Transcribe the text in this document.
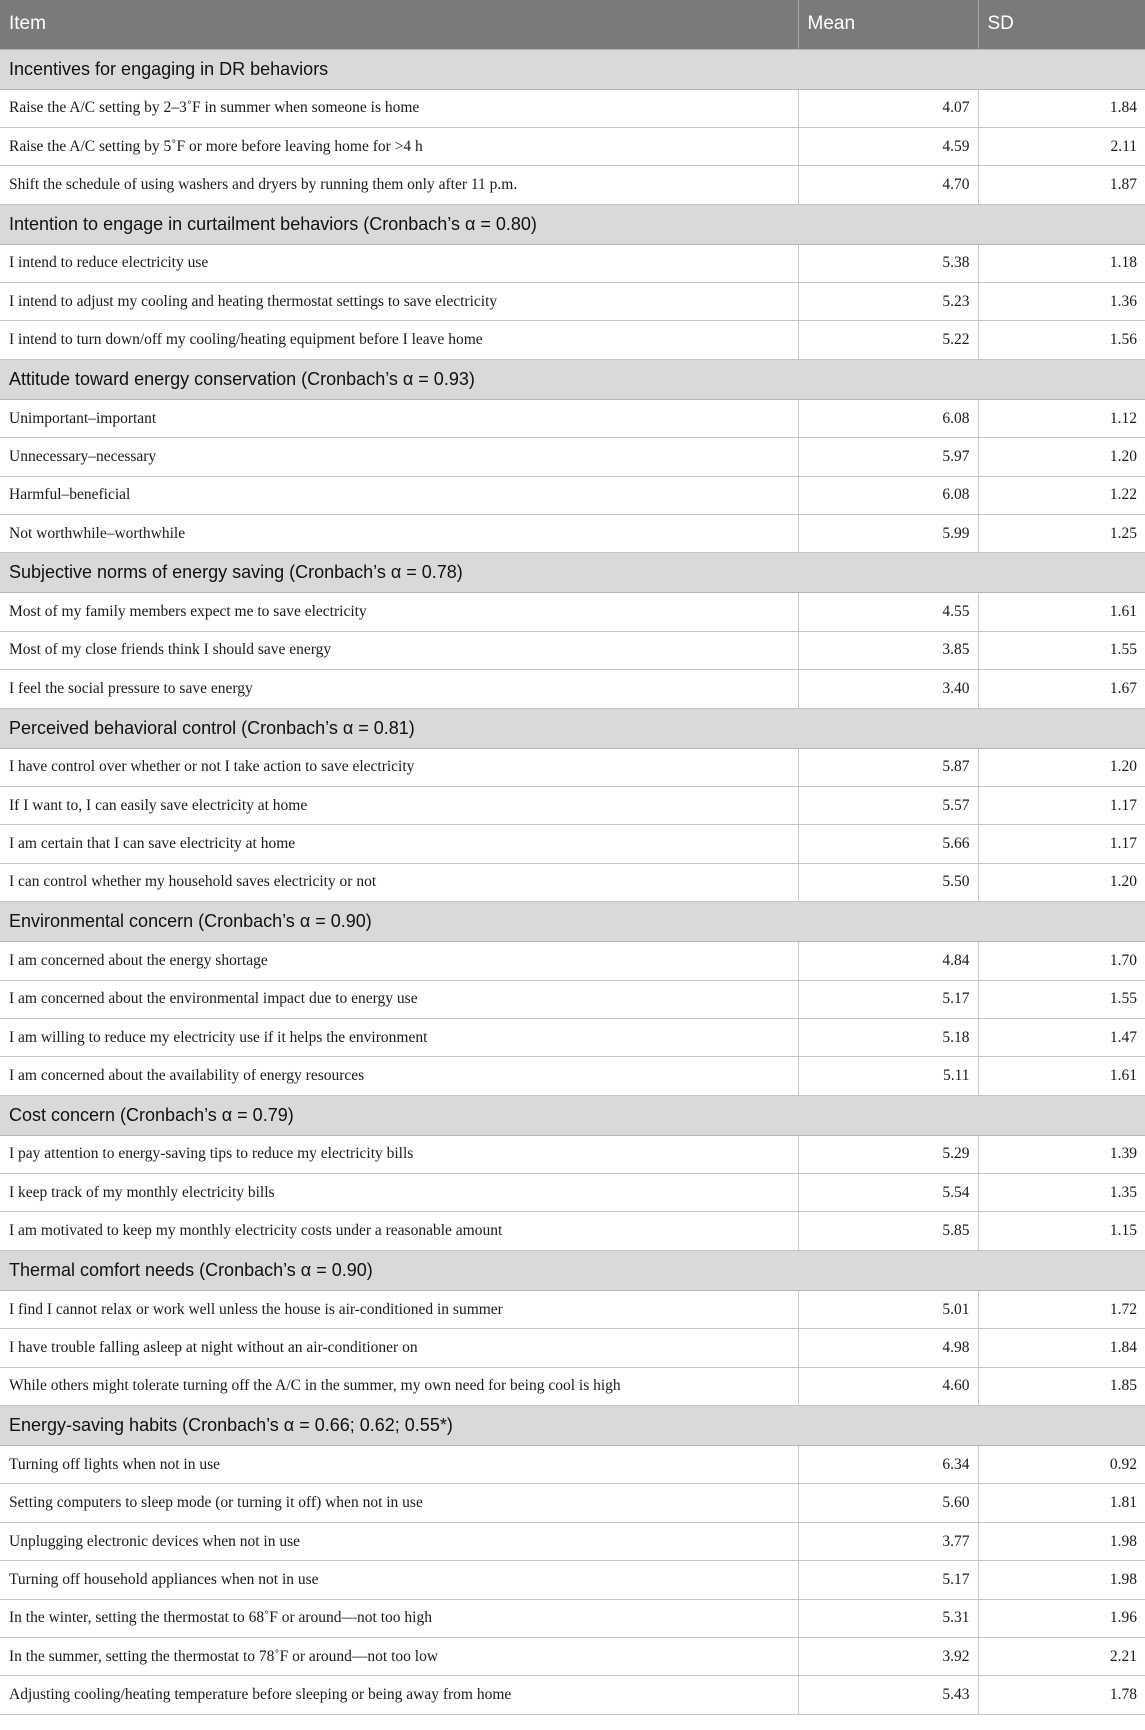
Item	Mean	SD
Incentives for engaging in DR behaviors		
Raise the A/C setting by 2–3˚F in summer when someone is home	4.07	1.84
Raise the A/C setting by 5˚F or more before leaving home for >4 h	4.59	2.11
Shift the schedule of using washers and dryers by running them only after 11 p.m.	4.70	1.87
Intention to engage in curtailment behaviors (Cronbach’s α = 0.80)		
I intend to reduce electricity use	5.38	1.18
I intend to adjust my cooling and heating thermostat settings to save electricity	5.23	1.36
I intend to turn down/off my cooling/heating equipment before I leave home	5.22	1.56
Attitude toward energy conservation (Cronbach’s α = 0.93)		
Unimportant–important	6.08	1.12
Unnecessary–necessary	5.97	1.20
Harmful–beneficial	6.08	1.22
Not worthwhile–worthwhile	5.99	1.25
Subjective norms of energy saving (Cronbach’s α = 0.78)		
Most of my family members expect me to save electricity	4.55	1.61
Most of my close friends think I should save energy	3.85	1.55
I feel the social pressure to save energy	3.40	1.67
Perceived behavioral control (Cronbach’s α = 0.81)		
I have control over whether or not I take action to save electricity	5.87	1.20
If I want to, I can easily save electricity at home	5.57	1.17
I am certain that I can save electricity at home	5.66	1.17
I can control whether my household saves electricity or not	5.50	1.20
Environmental concern (Cronbach’s α = 0.90)		
I am concerned about the energy shortage	4.84	1.70
I am concerned about the environmental impact due to energy use	5.17	1.55
I am willing to reduce my electricity use if it helps the environment	5.18	1.47
I am concerned about the availability of energy resources	5.11	1.61
Cost concern (Cronbach’s α = 0.79)		
I pay attention to energy-saving tips to reduce my electricity bills	5.29	1.39
I keep track of my monthly electricity bills	5.54	1.35
I am motivated to keep my monthly electricity costs under a reasonable amount	5.85	1.15
Thermal comfort needs (Cronbach’s α = 0.90)		
I find I cannot relax or work well unless the house is air-conditioned in summer	5.01	1.72
I have trouble falling asleep at night without an air-conditioner on	4.98	1.84
While others might tolerate turning off the A/C in the summer, my own need for being cool is high	4.60	1.85
Energy-saving habits (Cronbach’s α = 0.66; 0.62; 0.55*)		
Turning off lights when not in use	6.34	0.92
Setting computers to sleep mode (or turning it off) when not in use	5.60	1.81
Unplugging electronic devices when not in use	3.77	1.98
Turning off household appliances when not in use	5.17	1.98
In the winter, setting the thermostat to 68˚F or around—not too high	5.31	1.96
In the summer, setting the thermostat to 78˚F or around—not too low	3.92	2.21
Adjusting cooling/heating temperature before sleeping or being away from home	5.43	1.78
